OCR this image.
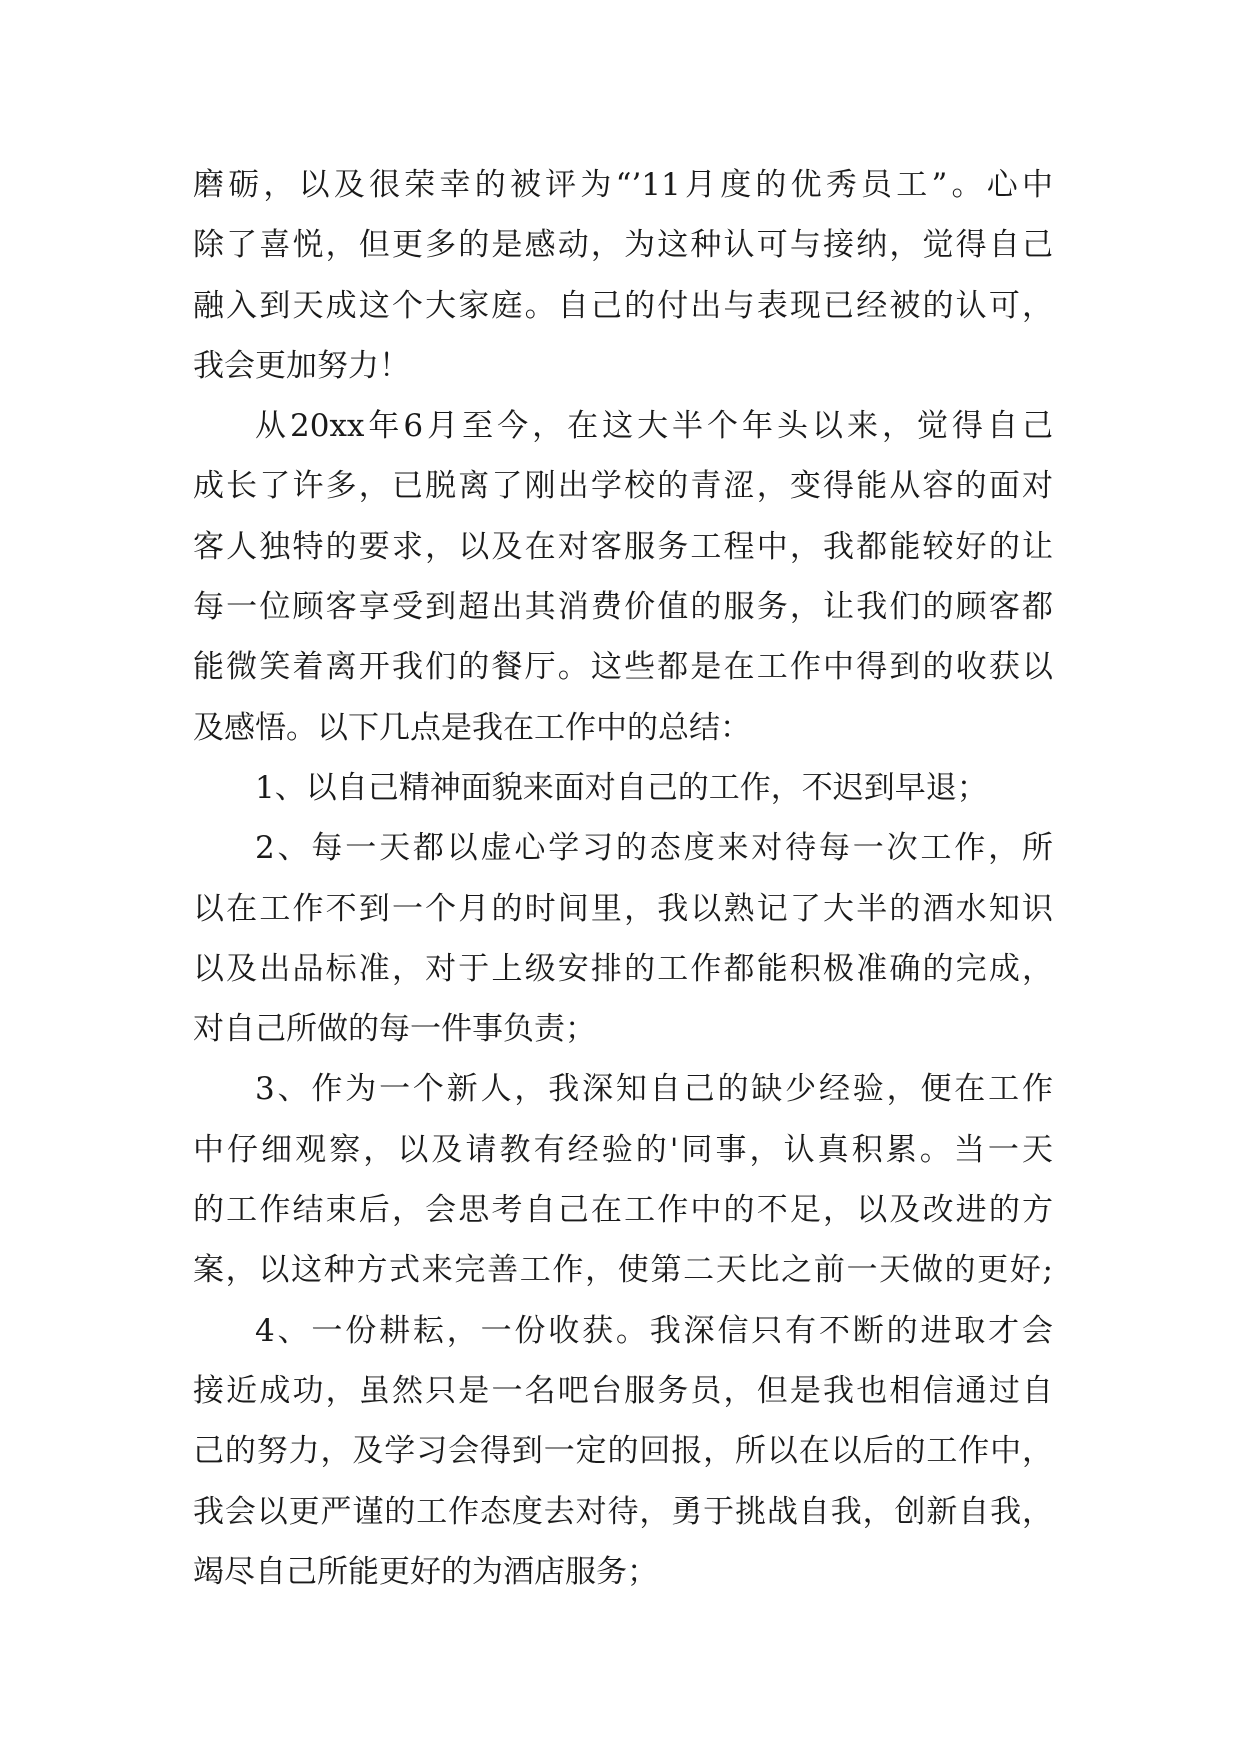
磨砺，以及很荣幸的被评为“’11月度的优秀员工”。心中
除了喜悦，但更多的是感动，为这种认可与接纳，觉得自己
融入到天成这个大家庭。自己的付出与表现已经被的认可，
我会更加努力！
从20xx年6月至今，在这大半个年头以来，觉得自己
成长了许多，已脱离了刚出学校的青涩，变得能从容的面对
客人独特的要求，以及在对客服务工程中，我都能较好的让
每一位顾客享受到超出其消费价值的服务，让我们的顾客都
能微笑着离开我们的餐厅。这些都是在工作中得到的收获以
及感悟。以下几点是我在工作中的总结：
1、以自己精神面貌来面对自己的工作，不迟到早退；
2、每一天都以虚心学习的态度来对待每一次工作，所
以在工作不到一个月的时间里，我以熟记了大半的酒水知识
以及出品标准，对于上级安排的工作都能积极准确的完成，
对自己所做的每一件事负责；
3、作为一个新人，我深知自己的缺少经验，便在工作
中仔细观察，以及请教有经验的'同事，认真积累。当一天
的工作结束后，会思考自己在工作中的不足，以及改进的方
案，以这种方式来完善工作，使第二天比之前一天做的更好;
4、一份耕耘，一份收获。我深信只有不断的进取才会
接近成功，虽然只是一名吧台服务员，但是我也相信通过自
己的努力，及学习会得到一定的回报，所以在以后的工作中，
我会以更严谨的工作态度去对待，勇于挑战自我，创新自我，
竭尽自己所能更好的为酒店服务；
